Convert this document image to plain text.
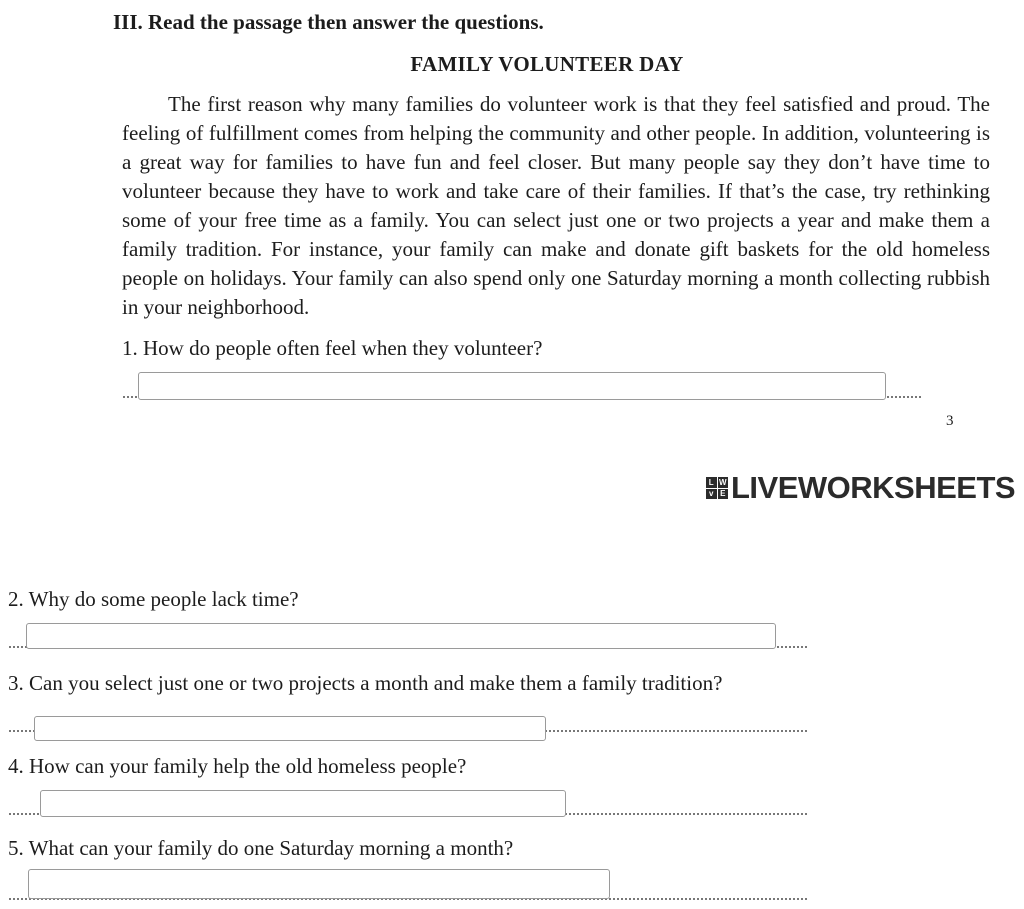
III. Read the passage then answer the questions.
FAMILY VOLUNTEER DAY

The first reason why many families do volunteer work is that they feel satisfied and proud. The feeling of fulfillment comes from helping the community and other people. In addition, volunteering is a great way for families to have fun and feel closer. But many people say they don’t have time to volunteer because they have to work and take care of their families. If that’s the case, try rethinking some of your free time as a family. You can select just one or two projects a year and make them a family tradition. For instance, your family can make and donate gift baskets for the old homeless people on holidays. Your family can also spend only one Saturday morning a month collecting rubbish in your neighborhood.

1. How do people often feel when they volunteer?
3
L W
v E LIVEWORKSHEETS
2. Why do some people lack time?
3. Can you select just one or two projects a month and make them a family tradition?
4. How can your family help the old homeless people?
5. What can your family do one Saturday morning a month?
